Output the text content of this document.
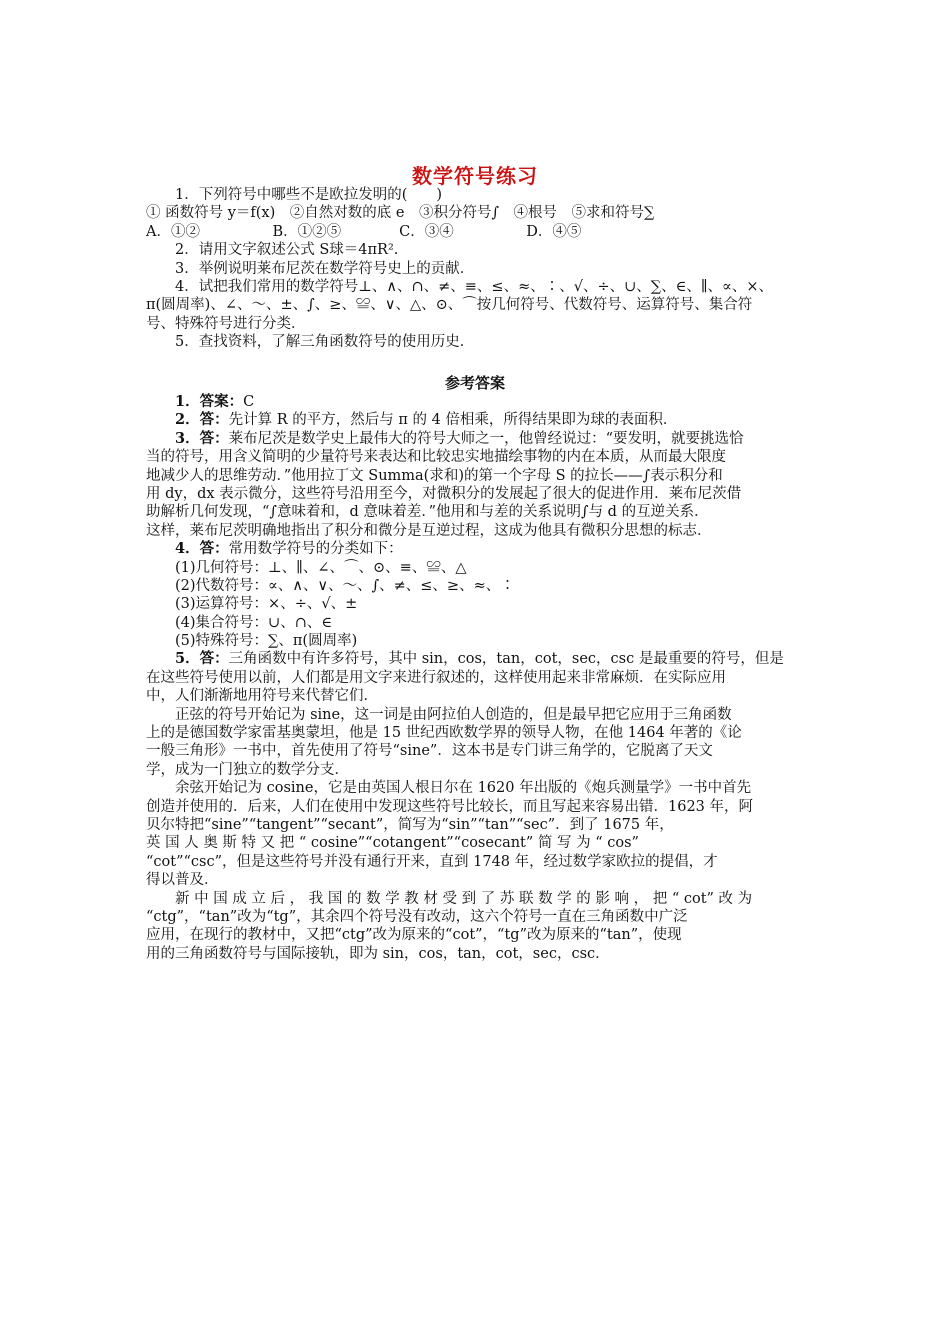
数学符号练习
1．下列符号中哪些不是欧拉发明的(　　)
① 函数符号 y＝f(x)　②自然对数的底 e　③积分符号∫　④根号　⑤求和符号∑
A．①②　　　　　B．①②⑤　　　　C．③④　　　　　D．④⑤
2．请用文字叙述公式 S球＝4πR².
3．举例说明莱布尼茨在数学符号史上的贡献．
4．试把我们常用的数学符号⊥、∧、∩、≠、≡、≤、≈、∶、√、÷、∪、∑、∈、∥、∝、×、
π(圆周率)、∠、～、±、∫、≥、≌、∨、△、⊙、⌒按几何符号、代数符号、运算符号、集合符
号、特殊符号进行分类．
5．查找资料，了解三角函数符号的使用历史．
参考答案
1．答案：C
2．答：先计算 R 的平方，然后与 π 的 4 倍相乘，所得结果即为球的表面积．
3．答：莱布尼茨是数学史上最伟大的符号大师之一，他曾经说过：“要发明，就要挑选恰
当的符号，用含义简明的少量符号来表达和比较忠实地描绘事物的内在本质，从而最大限度
地减少人的思维劳动．”他用拉丁文 Summa(求和)的第一个字母 S 的拉长——∫表示积分和
用 dy，dx 表示微分，这些符号沿用至今，对微积分的发展起了很大的促进作用．莱布尼茨借
助解析几何发现，“∫意味着和，d 意味着差．”他用和与差的关系说明∫与 d 的互逆关系．
这样，莱布尼茨明确地指出了积分和微分是互逆过程，这成为他具有微积分思想的标志．
4．答：常用数学符号的分类如下：
(1)几何符号：⊥、∥、∠、⌒、⊙、≡、≌、△
(2)代数符号：∝、∧、∨、～、∫、≠、≤、≥、≈、∶
(3)运算符号：×、÷、√、±
(4)集合符号：∪、∩、∈
(5)特殊符号：∑、π(圆周率)
5．答：三角函数中有许多符号，其中 sin，cos，tan，cot，sec，csc 是最重要的符号，但是
在这些符号使用以前，人们都是用文字来进行叙述的，这样使用起来非常麻烦．在实际应用
中，人们渐渐地用符号来代替它们．
正弦的符号开始记为 sine，这一词是由阿拉伯人创造的，但是最早把它应用于三角函数
上的是德国数学家雷基奥蒙坦，他是 15 世纪西欧数学界的领导人物，在他 1464 年著的《论
一般三角形》一书中，首先使用了符号“sine”．这本书是专门讲三角学的，它脱离了天文
学，成为一门独立的数学分支．
余弦开始记为 cosine，它是由英国人根日尔在 1620 年出版的《炮兵测量学》一书中首先
创造并使用的．后来，人们在使用中发现这些符号比较长，而且写起来容易出错．1623 年，阿
贝尔特把“sine”“tangent”“secant”，简写为“sin”“tan”“sec”．到了 1675 年，
英 国 人 奥 斯 特 又 把 “ cosine”“cotangent”“cosecant” 简 写 为 “ cos”
“cot”“csc”，但是这些符号并没有通行开来，直到 1748 年，经过数学家欧拉的提倡，才
得以普及．
新 中 国 成 立 后 ， 我 国 的 数 学 教 材 受 到 了 苏 联 数 学 的 影 响 ， 把 “ cot” 改 为
“ctg”，“tan”改为“tg”，其余四个符号没有改动，这六个符号一直在三角函数中广泛
应用，在现行的教材中，又把“ctg”改为原来的“cot”，“tg”改为原来的“tan”，使现
用的三角函数符号与国际接轨，即为 sin，cos，tan，cot，sec，csc．
